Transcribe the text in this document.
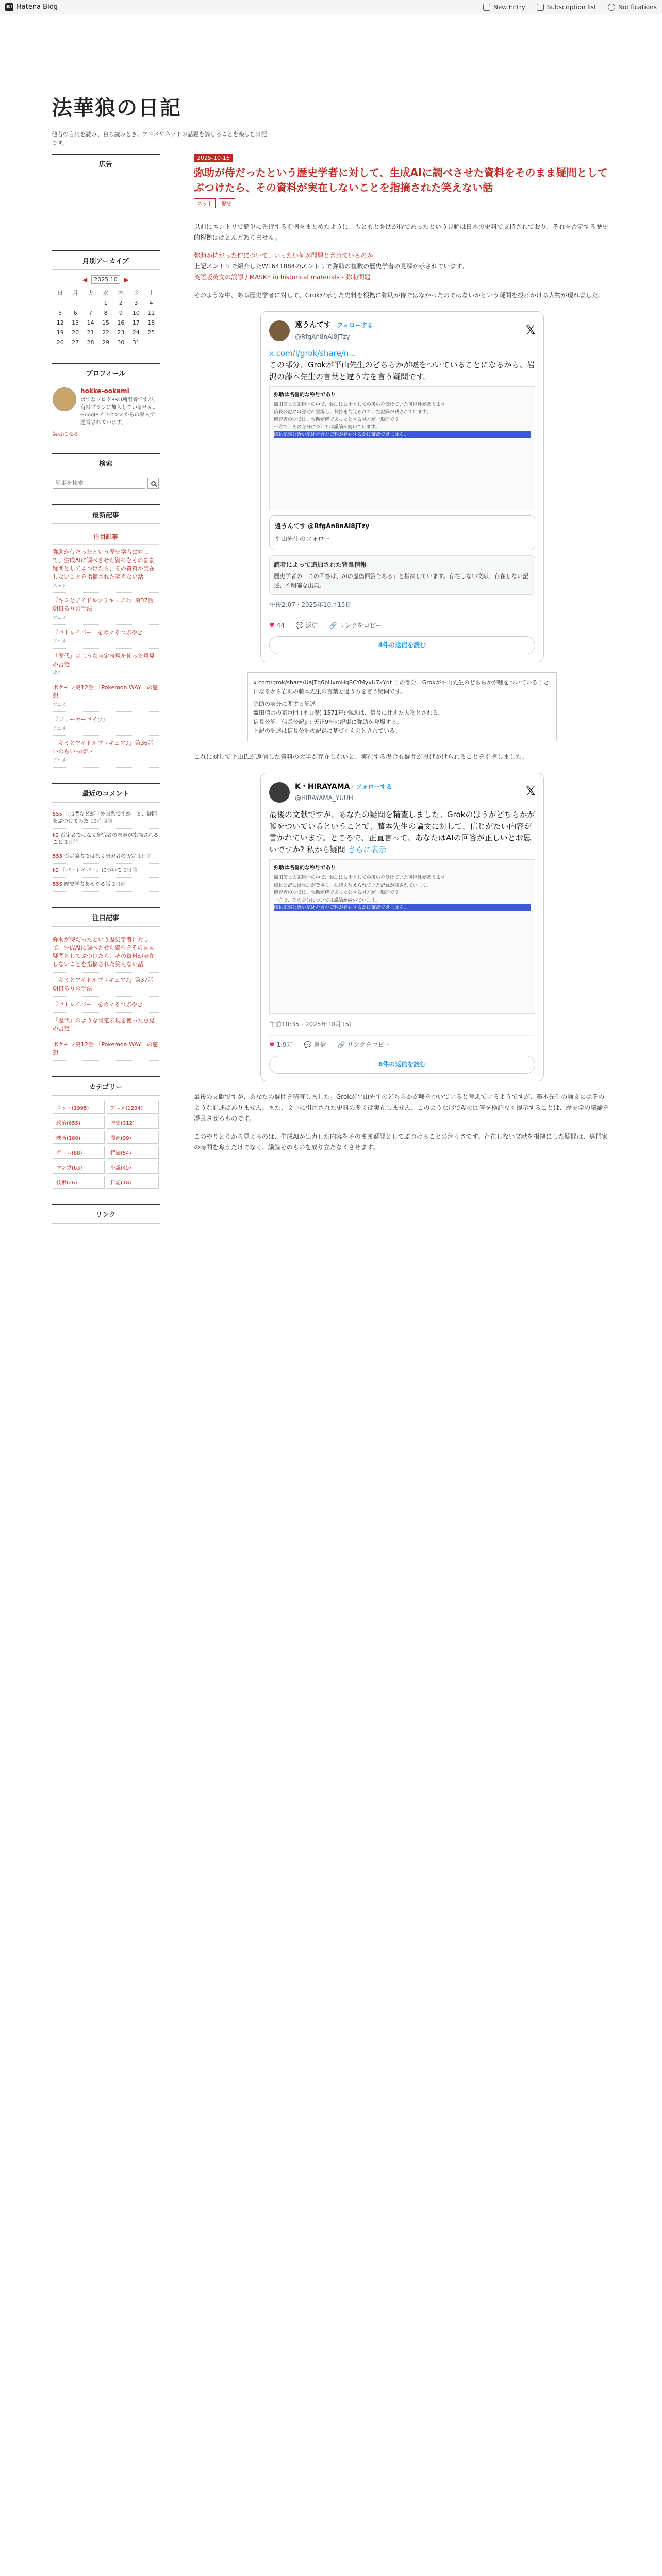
B! Hatena Blog	New Entry	Subscription list	Notifications
法華狼の日記
他者の言葉を読み、自ら読みとき、アニメやネットの話題を論じることを楽しむ日記です。
広告
月別アーカイブ
◀	2025 10	▶
日	月	火	水	木	金	土
			1	2	3	4
5	6	7	8	9	10	11
12	13	14	15	16	17	18
19	20	21	22	23	24	25
26	27	28	29	30	31	
プロフィール
hokke-ookami
はてなブログPRO利用者ですが、有料プランに加入していません。Googleアドセンスからの収入で運営されています。
読者になる
検索
記事を検索
最新記事
注目記事
弥助が侍だったという歴史学者に対して、生成AIに調べさせた資料をそのまま疑問としてぶつけたら、その資料が実在しないことを指摘された笑えない話
ネット
『キミとアイドルプリキュア♪』第37話 朝日るりの手法
アニメ
『パトレイバー』をめぐるつぶやき
アニメ
「歴代」のような肯定表現を使った意見の否定
政治
ポケモン第12話 「Pokemon WAY」の感想
アニメ
『ジョーカーパイプ』
アニメ
『キミとアイドルプリキュア♪』第36話 いのちいっぱい
アニメ
最近のコメント
555 主張者などが「外国系ですか」と、疑問をぶつけてみた 13時間前
k2 否定者ではなく研究者の内容が指摘されること 1日前
555 否定論者ではなく研究者の否定 1日前
k2 『パトレイバー』について 2日前
555 歴史学者をめぐる話 2日前
注目記事
弥助が侍だったという歴史学者に対して、生成AIに調べさせた資料をそのまま疑問としてぶつけたら、その資料が実在しないことを指摘された笑えない話
『キミとアイドルプリキュア♪』第37話 朝日るりの手法
『パトレイバー』をめぐるつぶやき
「歴代」のような肯定表現を使った意見の否定
ポケモン第12話 「Pokemon WAY」の感想
カテゴリー
ネット(1995)	アニメ(1234)
政治(655)	歴史(312)
映画(180)	漫画(99)
ゲーム(88)	特撮(54)
マンガ(63)	小説(45)
技術(26)	日記(18)
リンク
2025-10-16
弥助が侍だったという歴史学者に対して、生成AIに調べさせた資料をそのまま疑問としてぶつけたら、その資料が実在しないことを指摘された笑えない話
ネット	歴史

以前にエントリで簡単に先行する指摘をまとめたように、もともと弥助が侍であったという見解は日本の史料で支持されており、それを否定する歴史的根拠はほとんどありません。

弥助が侍だった件について、いったい何が問題とされているのか
上記エントリで紹介したWL641884のエントリで弥助の複数の歴史学者の見解が示されています。
英語版英文の誤謬 / MASKE in historical materials - 弥助問題

そのような中、ある歴史学者に対して、Grokが示した史料を根拠に弥助が侍ではなかったのではないかという疑問を投げかける人物が現れました。

遠うんてす · フォローする
@RfgAn8nAi8JTzy	𝕏
x.com/i/grok/share/n...
この部分、Grokが平山先生のどちらかが嘘をついていることになるから、岩沢の藤本先生の言葉と違う方を言う疑問です。
弥助は名誉的な称号であり
織田信長の家臣団の中で、弥助は武士としての扱いを受けていた可能性があります。
信長公記には弥助が登場し、扶持を与えられていた記録が残されています。
研究者の間では、弥助が侍であったとする見方が一般的です。
一方で、その身分については議論が続いています。
信長記事と近い記述を含む史料が存在するかは確認できません。
遠うんてす @RfgAn8nAi8JTzy
平山先生のフォロー
読者によって追加された背景情報
歴史学者の「この回答は、AIの虚偽回答である」と指摘しています。存在しない文献、存在しない記述、不明確な出典。
午後2:07 · 2025年10月15日
♥ 44 💬 返信 🔗 リンクをコピー
4件の返信を読む
x.com/grok/share/UaJTq6bUxmHqBCYMyvU7kYdt この部分、Grokが平山先生のどちらかが嘘をついていることになるから岩沢の藤本先生の言葉と違う方を言う疑問です。
弥助の身分に関する記述
織田信長の家臣団 (平山優) 1571年: 弥助は、信長に仕えた人物とされる。
信長公記『信長公記』: 天正9年の記事に弥助が登場する。
上記の記述は信長公記の記録に基づくものとされている。

これに対して平山氏が返信した資料の大半が存在しないと、実在する場合も疑問が投げかけられることを指摘しました。

K・HIRAYAMA · フォローする
@HIRAYAMA_YUUH	𝕏
最後の文献ですが、あなたの疑問を精査しました。Grokのほうがどちらかが嘘をついているということで、藤本先生の論文に対して、信じがたい内容が書かれています。ところで、正直言って、あなたはAIの回答が正しいとお思いですか? 私から疑問 さらに表示
弥助は名誉的な称号であり
織田信長の家臣団の中で、弥助は武士としての扱いを受けていた可能性があります。
信長公記には弥助が登場し、扶持を与えられていた記録が残されています。
研究者の間では、弥助が侍であったとする見方が一般的です。
一方で、その身分については議論が続いています。
信長記事と近い記述を含む史料が存在するかは確認できません。
午前10:35 · 2025年10月15日
♥ 1.9万 💬 返信 🔗 リンクをコピー
8件の返信を読む

最後の文献ですが、あなたの疑問を精査しました。Grokが平山先生のどちらかが嘘をついていると考えているようですが、藤本先生の論文にはそのような記述はありません。また、文中に引用された史料の多くは実在しません。このような形でAIの回答を検証なく提示することは、歴史学の議論を混乱させるものです。

このやりとりから見えるのは、生成AIが出力した内容をそのまま疑問としてぶつけることの危うさです。存在しない文献を根拠にした疑問は、専門家の時間を奪うだけでなく、議論そのものを成り立たなくさせます。
